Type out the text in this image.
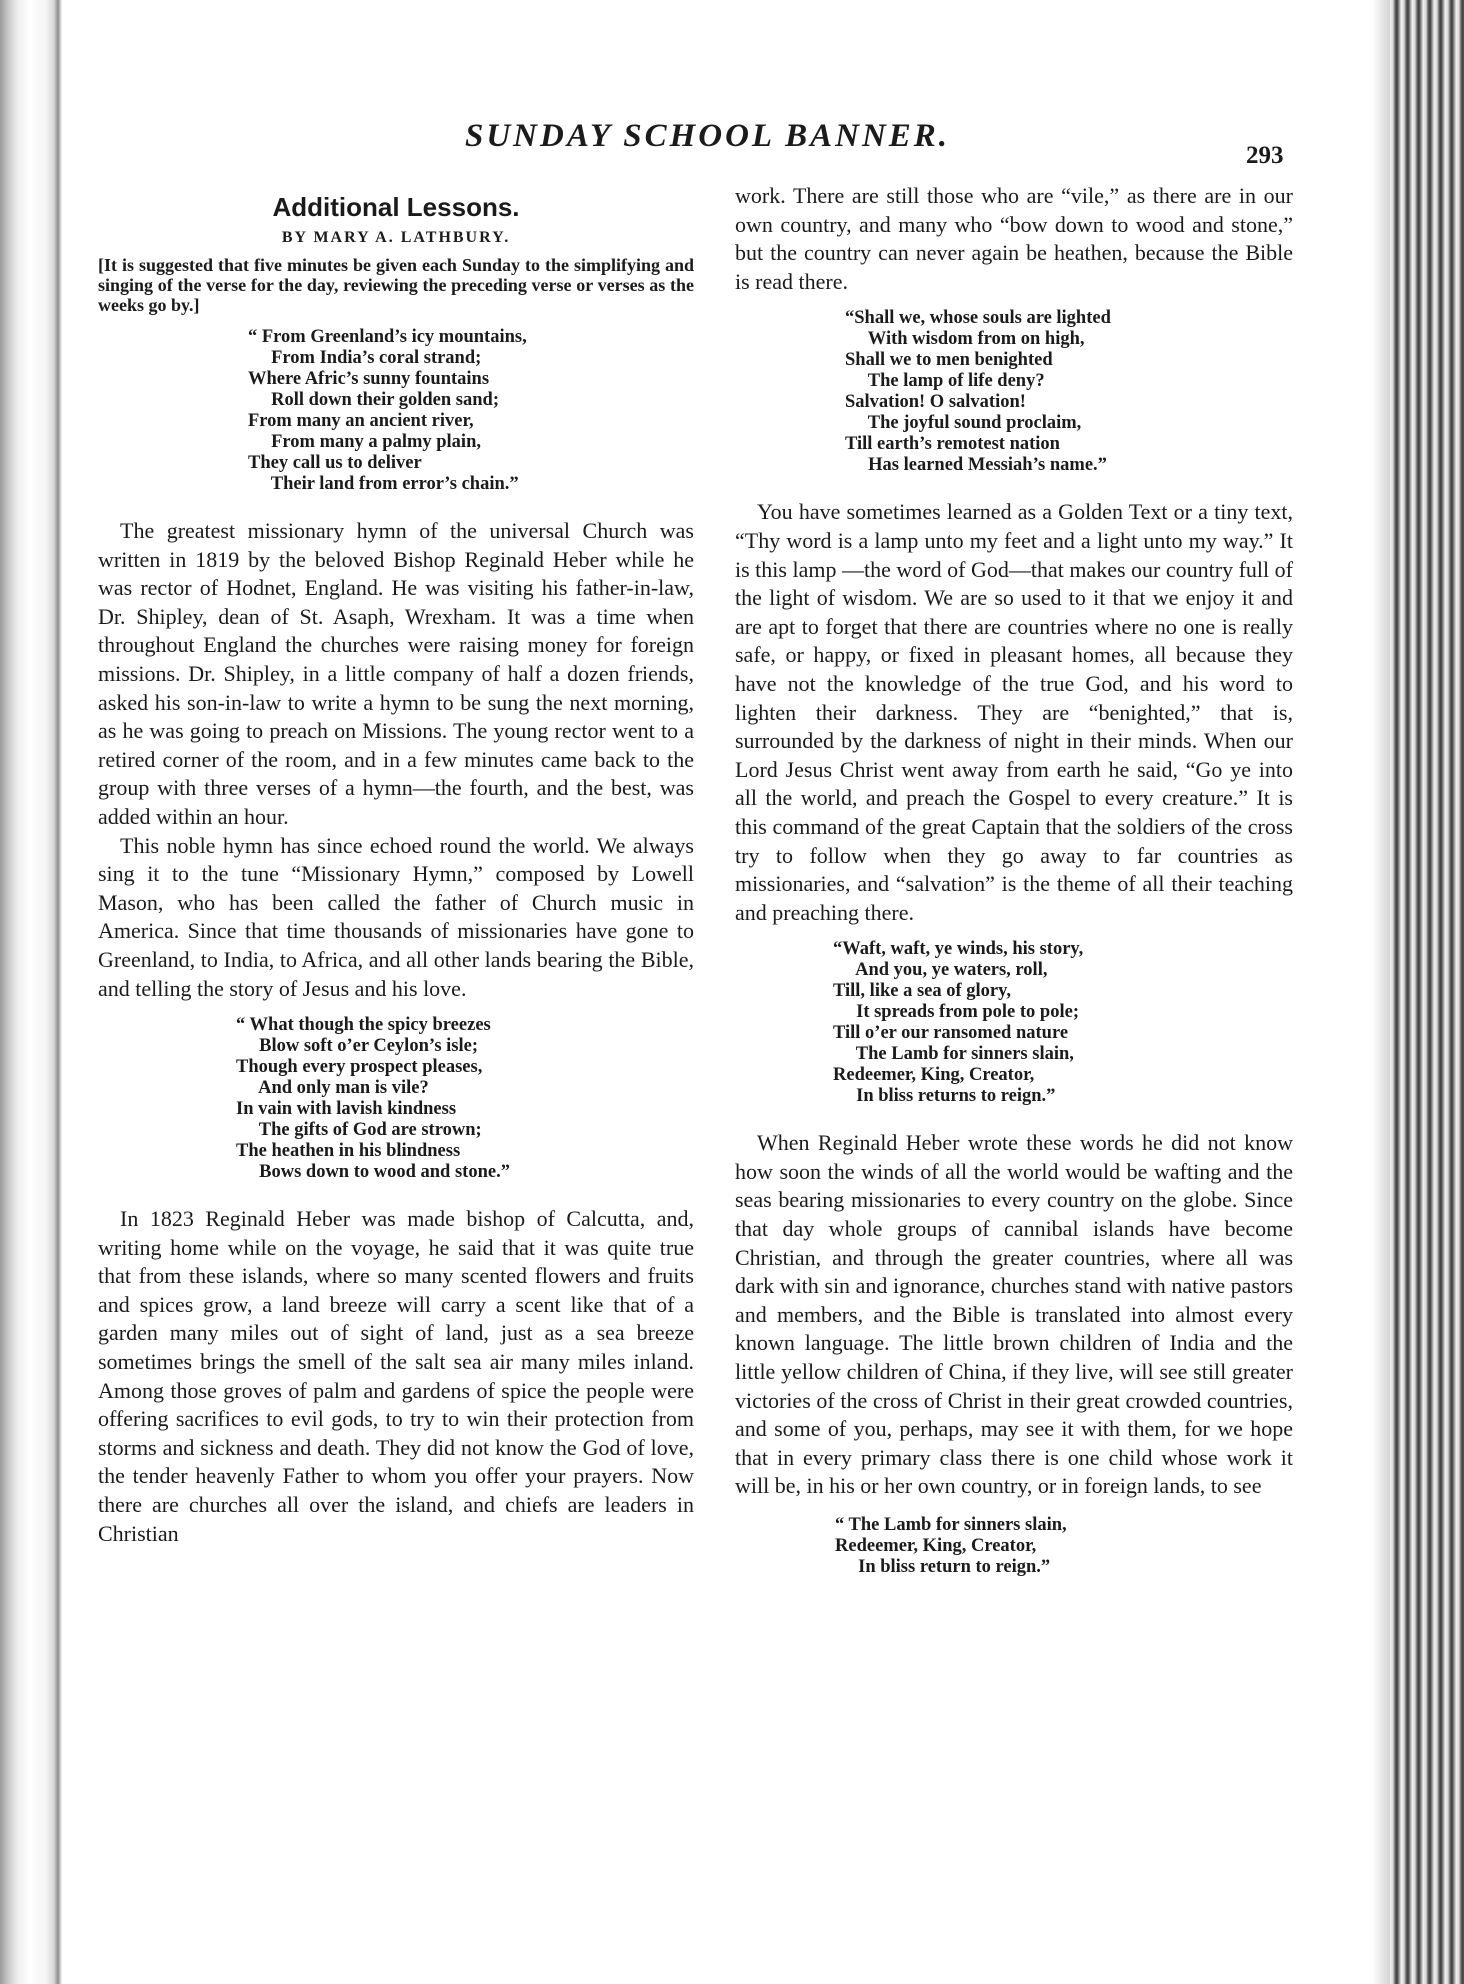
SUNDAY SCHOOL BANNER.
293
Additional Lessons.
BY MARY A. LATHBURY.

[It is suggested that five minutes be given each Sunday to the simplifying and singing of the verse for the day, reviewing the preceding verse or verses as the weeks go by.]

“ From Greenland’s icy mountains,
From India’s coral strand;
Where Afric’s sunny fountains
Roll down their golden sand;
From many an ancient river,
From many a palmy plain,
They call us to deliver
Their land from error’s chain.”

The greatest missionary hymn of the universal Church was written in 1819 by the beloved Bishop Reginald Heber while he was rector of Hodnet, England. He was visiting his father-in-law, Dr. Shipley, dean of St. Asaph, Wrexham. It was a time when throughout England the churches were raising money for foreign missions. Dr. Shipley, in a little company of half a dozen friends, asked his son-in-law to write a hymn to be sung the next morning, as he was going to preach on Missions. The young rector went to a retired corner of the room, and in a few minutes came back to the group with three verses of a hymn—the fourth, and the best, was added within an hour.

This noble hymn has since echoed round the world. We always sing it to the tune “Missionary Hymn,” composed by Lowell Mason, who has been called the father of Church music in America. Since that time thousands of missionaries have gone to Greenland, to India, to Africa, and all other lands bearing the Bible, and telling the story of Jesus and his love.

“ What though the spicy breezes
Blow soft o’er Ceylon’s isle;
Though every prospect pleases,
And only man is vile?
In vain with lavish kindness
The gifts of God are strown;
The heathen in his blindness
Bows down to wood and stone.”

In 1823 Reginald Heber was made bishop of Calcutta, and, writing home while on the voyage, he said that it was quite true that from these islands, where so many scented flowers and fruits and spices grow, a land breeze will carry a scent like that of a garden many miles out of sight of land, just as a sea breeze sometimes brings the smell of the salt sea air many miles inland. Among those groves of palm and gardens of spice the people were offering sacrifices to evil gods, to try to win their protection from storms and sickness and death. They did not know the God of love, the tender heavenly Father to whom you offer your prayers. Now there are churches all over the island, and chiefs are leaders in Christian

work. There are still those who are “vile,” as there are in our own country, and many who “bow down to wood and stone,” but the country can never again be heathen, because the Bible is read there.

“Shall we, whose souls are lighted
With wisdom from on high,
Shall we to men benighted
The lamp of life deny?
Salvation! O salvation!
The joyful sound proclaim,
Till earth’s remotest nation
Has learned Messiah’s name.”

You have sometimes learned as a Golden Text or a tiny text, “Thy word is a lamp unto my feet and a light unto my way.” It is this lamp —the word of God—that makes our country full of the light of wisdom. We are so used to it that we enjoy it and are apt to forget that there are countries where no one is really safe, or happy, or fixed in pleasant homes, all because they have not the knowledge of the true God, and his word to lighten their darkness. They are “benighted,” that is, surrounded by the darkness of night in their minds. When our Lord Jesus Christ went away from earth he said, “Go ye into all the world, and preach the Gospel to every creature.” It is this command of the great Captain that the soldiers of the cross try to follow when they go away to far countries as missionaries, and “salvation” is the theme of all their teaching and preaching there.

“Waft, waft, ye winds, his story,
And you, ye waters, roll,
Till, like a sea of glory,
It spreads from pole to pole;
Till o’er our ransomed nature
The Lamb for sinners slain,
Redeemer, King, Creator,
In bliss returns to reign.”

When Reginald Heber wrote these words he did not know how soon the winds of all the world would be wafting and the seas bearing missionaries to every country on the globe. Since that day whole groups of cannibal islands have become Christian, and through the greater countries, where all was dark with sin and ignorance, churches stand with native pastors and members, and the Bible is translated into almost every known language. The little brown children of India and the little yellow children of China, if they live, will see still greater victories of the cross of Christ in their great crowded countries, and some of you, perhaps, may see it with them, for we hope that in every primary class there is one child whose work it will be, in his or her own country, or in foreign lands, to see

“ The Lamb for sinners slain,
Redeemer, King, Creator,
In bliss return to reign.”
